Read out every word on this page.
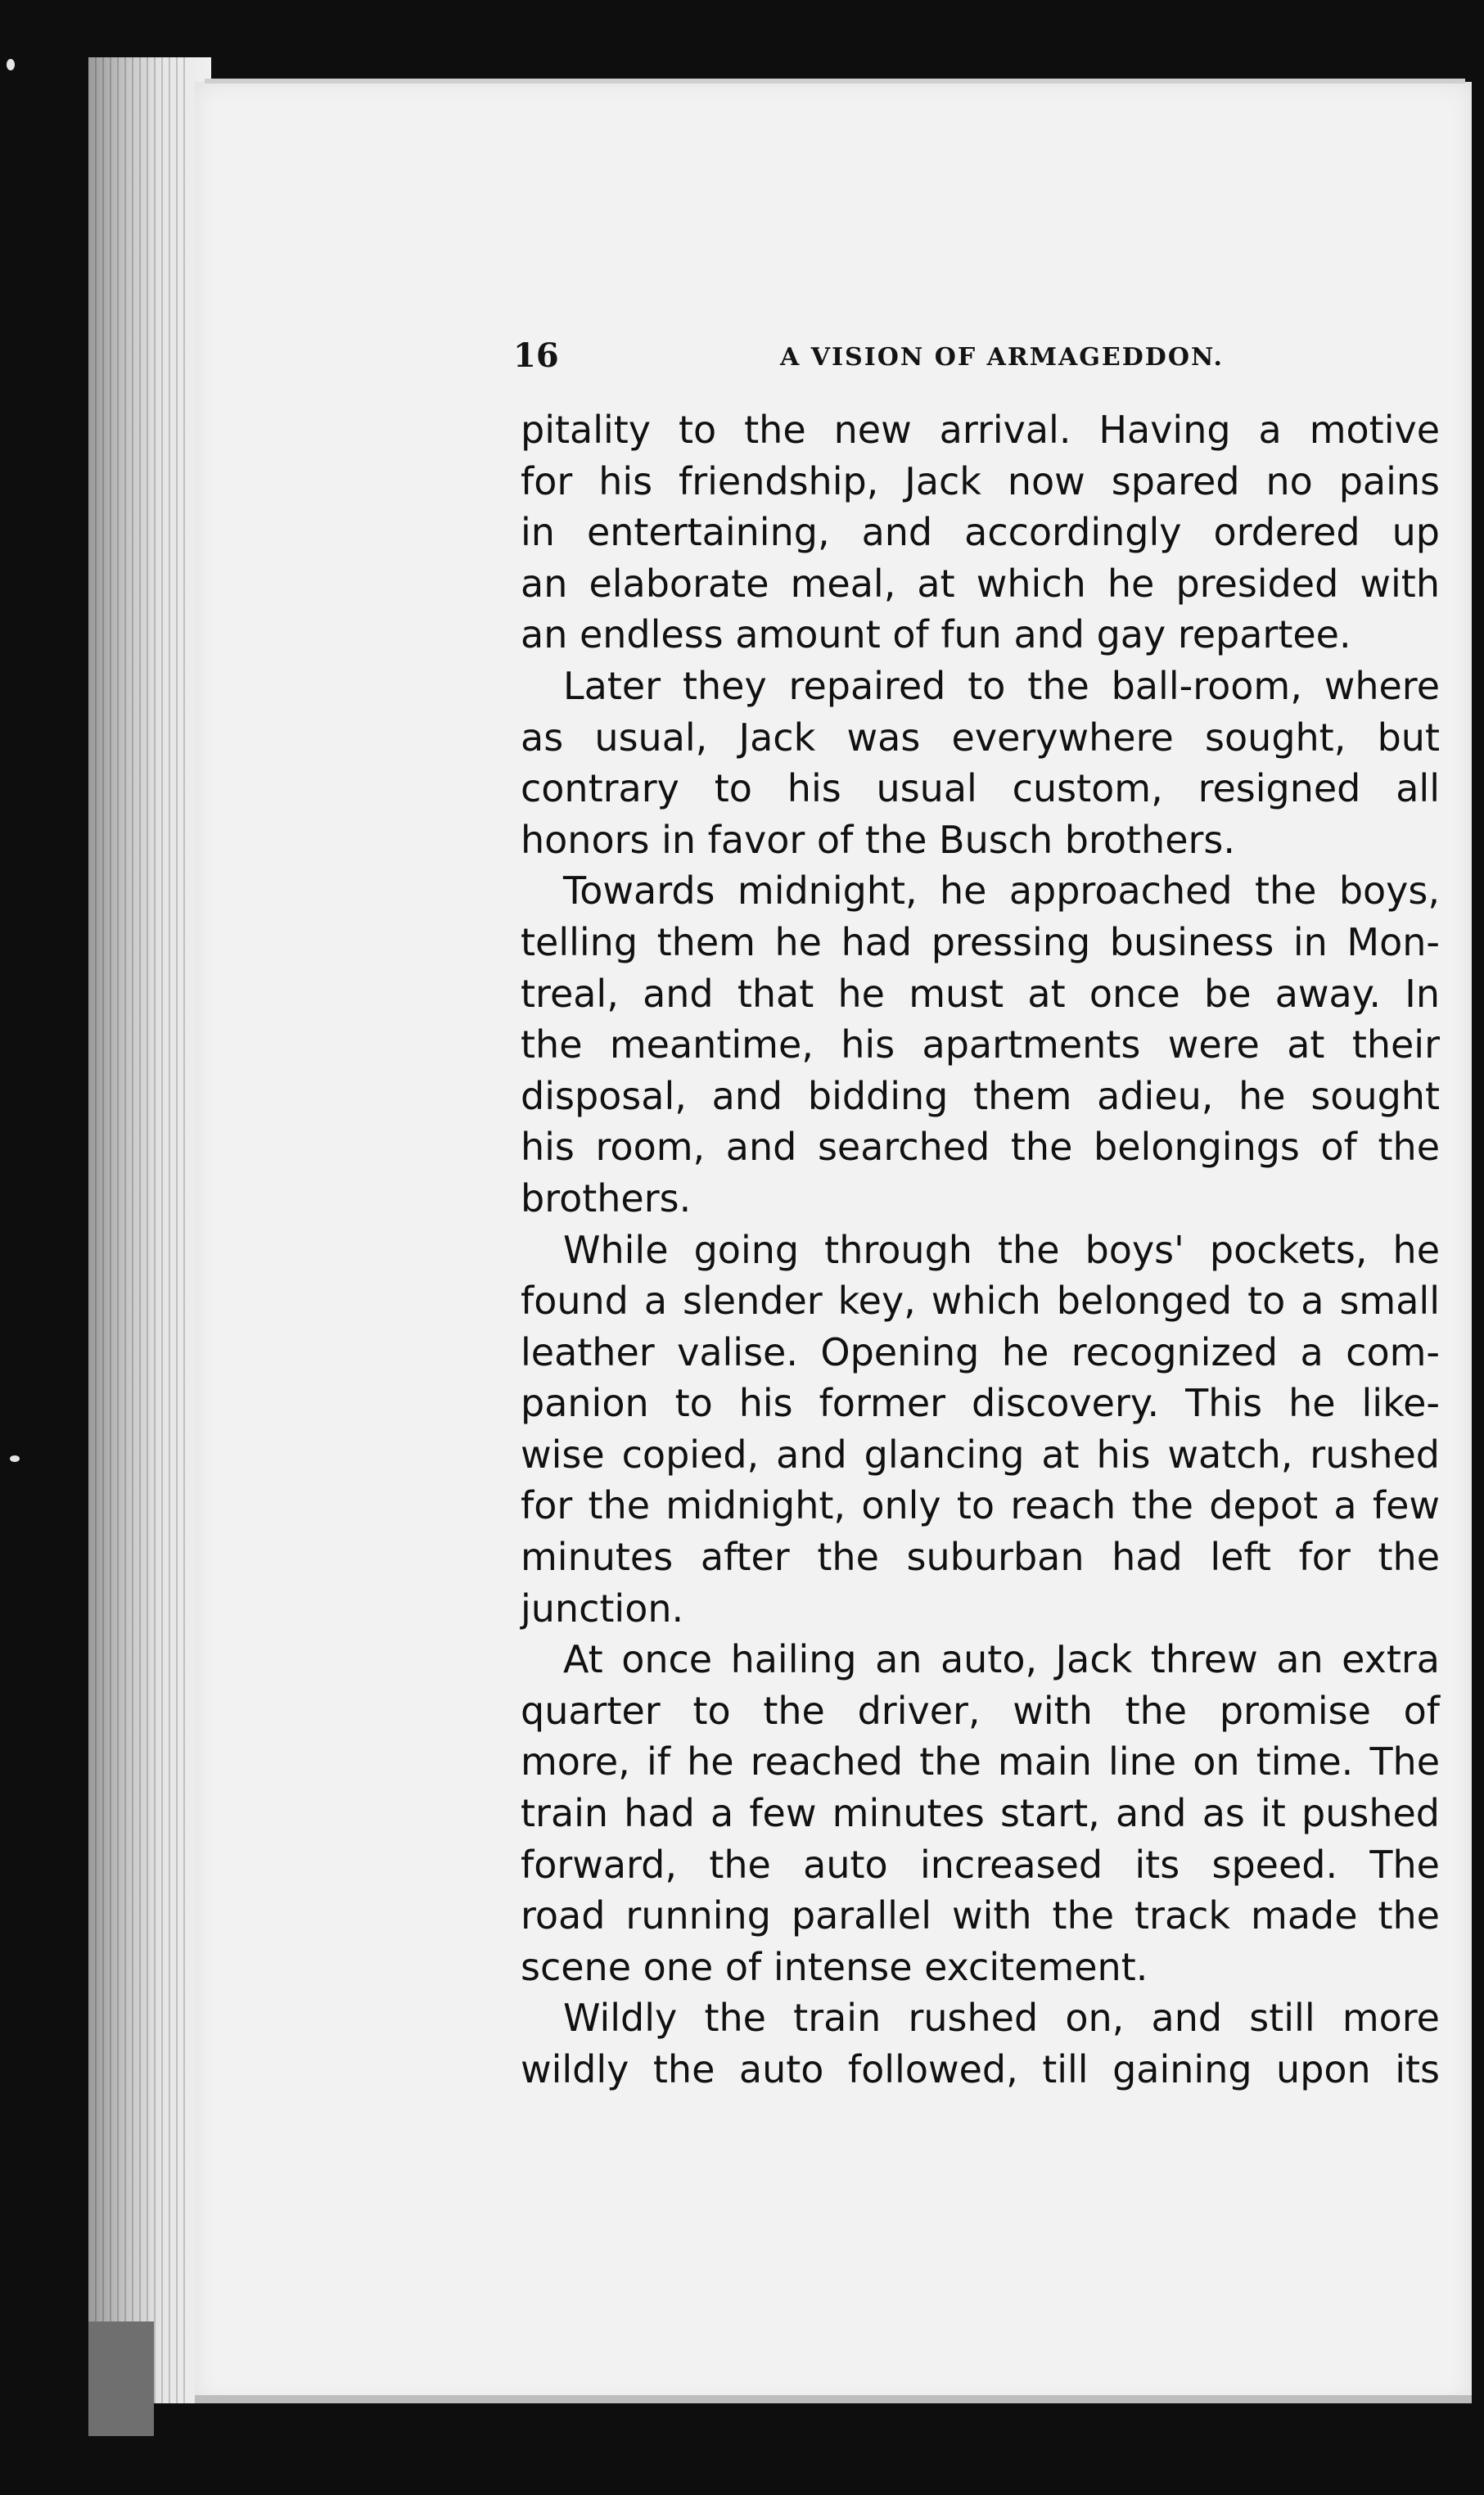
16	A VISION OF ARMAGEDDON.
pitality to the new arrival. Having a motive
for his friendship, Jack now spared no pains
in entertaining, and accordingly ordered up
an elaborate meal, at which he presided with
an endless amount of fun and gay repartee.
Later they repaired to the ball-room, where
as usual, Jack was everywhere sought, but
contrary to his usual custom, resigned all
honors in favor of the Busch brothers.
Towards midnight, he approached the boys,
telling them he had pressing business in Mon-
treal, and that he must at once be away. In
the meantime, his apartments were at their
disposal, and bidding them adieu, he sought
his room, and searched the belongings of the
brothers.
While going through the boys' pockets, he
found a slender key, which belonged to a small
leather valise. Opening he recognized a com-
panion to his former discovery. This he like-
wise copied, and glancing at his watch, rushed
for the midnight, only to reach the depot a few
minutes after the suburban had left for the
junction.
At once hailing an auto, Jack threw an extra
quarter to the driver, with the promise of
more, if he reached the main line on time. The
train had a few minutes start, and as it pushed
forward, the auto increased its speed. The
road running parallel with the track made the
scene one of intense excitement.
Wildly the train rushed on, and still more
wildly the auto followed, till gaining upon its
